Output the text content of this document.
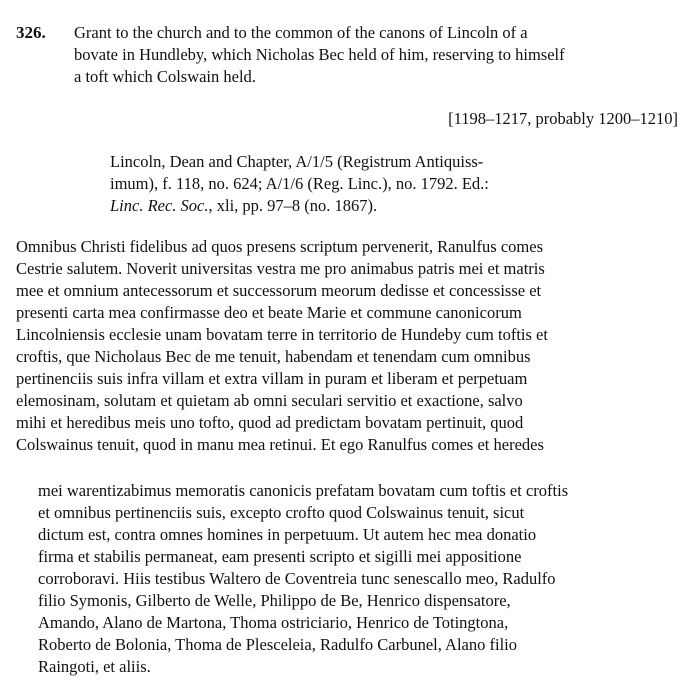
326. Grant to the church and to the common of the canons of Lincoln of a
bovate in Hundleby, which Nicholas Bec held of him, reserving to himself
a toft which Colswain held.
[1198–1217, probably 1200–1210]
Lincoln, Dean and Chapter, A/1/5 (Registrum Antiquiss-
imum), f. 118, no. 624; A/1/6 (Reg. Linc.), no. 1792. Ed.:
Linc. Rec. Soc., xli, pp. 97–8 (no. 1867).
Omnibus Christi fidelibus ad quos presens scriptum pervenerit, Ranulfus comes
Cestrie salutem. Noverit universitas vestra me pro animabus patris mei et matris
mee et omnium antecessorum et successorum meorum dedisse et concessisse et
presenti carta mea confirmasse deo et beate Marie et commune canonicorum
Lincolniensis ecclesie unam bovatam terre in territorio de Hundeby cum toftis et
croftis, que Nicholaus Bec de me tenuit, habendam et tenendam cum omnibus
pertinenciis suis infra villam et extra villam in puram et liberam et perpetuam
elemosinam, solutam et quietam ab omni seculari servitio et exactione, salvo
mihi et heredibus meis uno tofto, quod ad predictam bovatam pertinuit, quod
Colswainus tenuit, quod in manu mea retinui. Et ego Ranulfus comes et heredes
mei warentizabimus memoratis canonicis prefatam bovatam cum toftis et croftis
et omnibus pertinenciis suis, excepto crofto quod Colswainus tenuit, sicut
dictum est, contra omnes homines in perpetuum. Ut autem hec mea donatio
firma et stabilis permaneat, eam presenti scripto et sigilli mei appositione
corroboravi. Hiis testibus Waltero de Coventreia tunc senescallo meo, Radulfo
filio Symonis, Gilberto de Welle, Philippo de Be, Henrico dispensatore,
Amando, Alano de Martona, Thoma ostriciario, Henrico de Totingtona,
Roberto de Bolonia, Thoma de Plesceleia, Radulfo Carbunel, Alano filio
Raingoti, et aliis.
